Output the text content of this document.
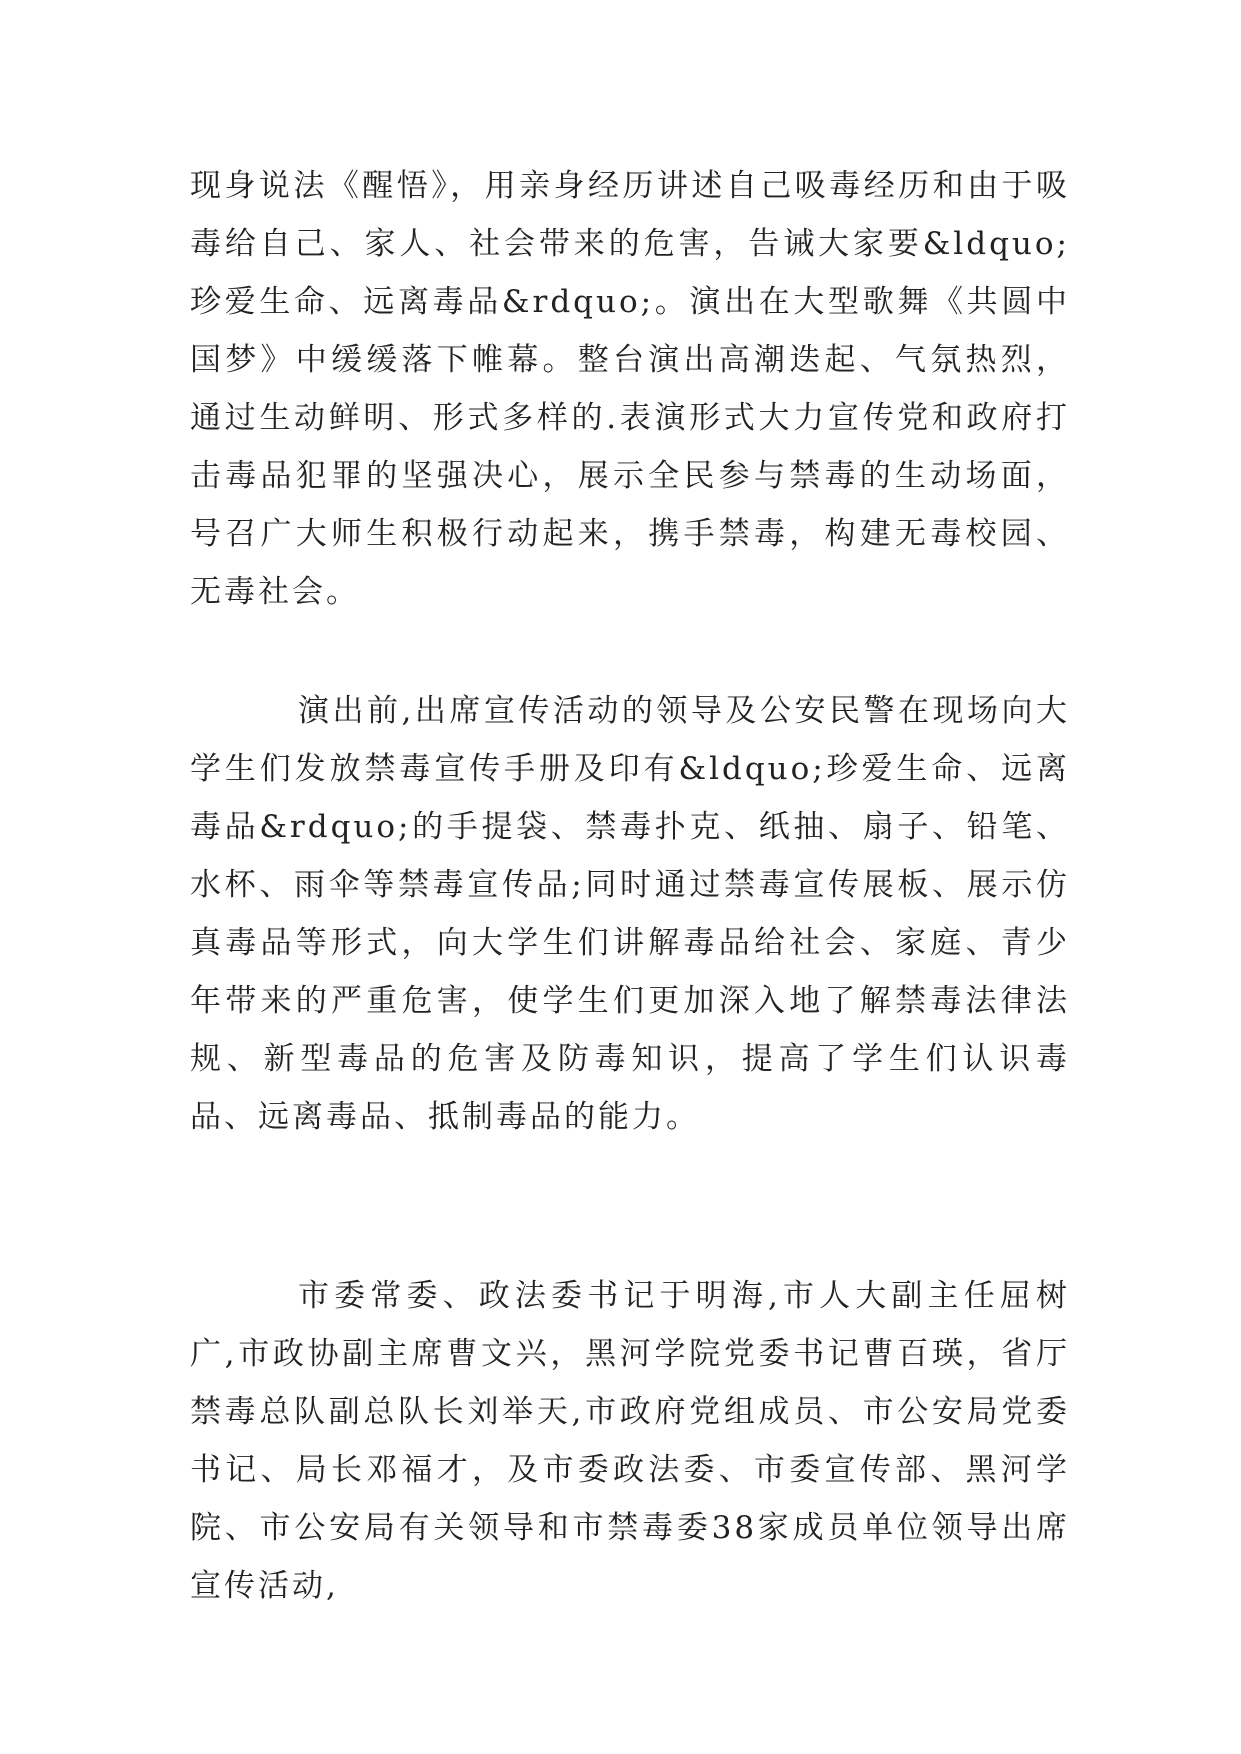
现身说法《醒悟》，用亲身经历讲述自己吸毒经历和由于吸毒给自己、家人、社会带来的危害，告诫大家要&ldquo;珍爱生命、远离毒品&rdquo;。演出在大型歌舞《共圆中国梦》中缓缓落下帷幕。整台演出高潮迭起、气氛热烈，通过生动鲜明、形式多样的.表演形式大力宣传党和政府打击毒品犯罪的坚强决心，展示全民参与禁毒的生动场面，号召广大师生积极行动起来，携手禁毒，构建无毒校园、无毒社会。

演出前,出席宣传活动的领导及公安民警在现场向大学生们发放禁毒宣传手册及印有&ldquo;珍爱生命、远离毒品&rdquo;的手提袋、禁毒扑克、纸抽、扇子、铅笔、水杯、雨伞等禁毒宣传品;同时通过禁毒宣传展板、展示仿真毒品等形式，向大学生们讲解毒品给社会、家庭、青少年带来的严重危害，使学生们更加深入地了解禁毒法律法规、新型毒品的危害及防毒知识，提高了学生们认识毒品、远离毒品、抵制毒品的能力。

市委常委、政法委书记于明海,市人大副主任屈树广,市政协副主席曹文兴，黑河学院党委书记曹百瑛，省厅禁毒总队副总队长刘举天,市政府党组成员、市公安局党委书记、局长邓福才，及市委政法委、市委宣传部、黑河学院、市公安局有关领导和市禁毒委38家成员单位领导出席宣传活动,
